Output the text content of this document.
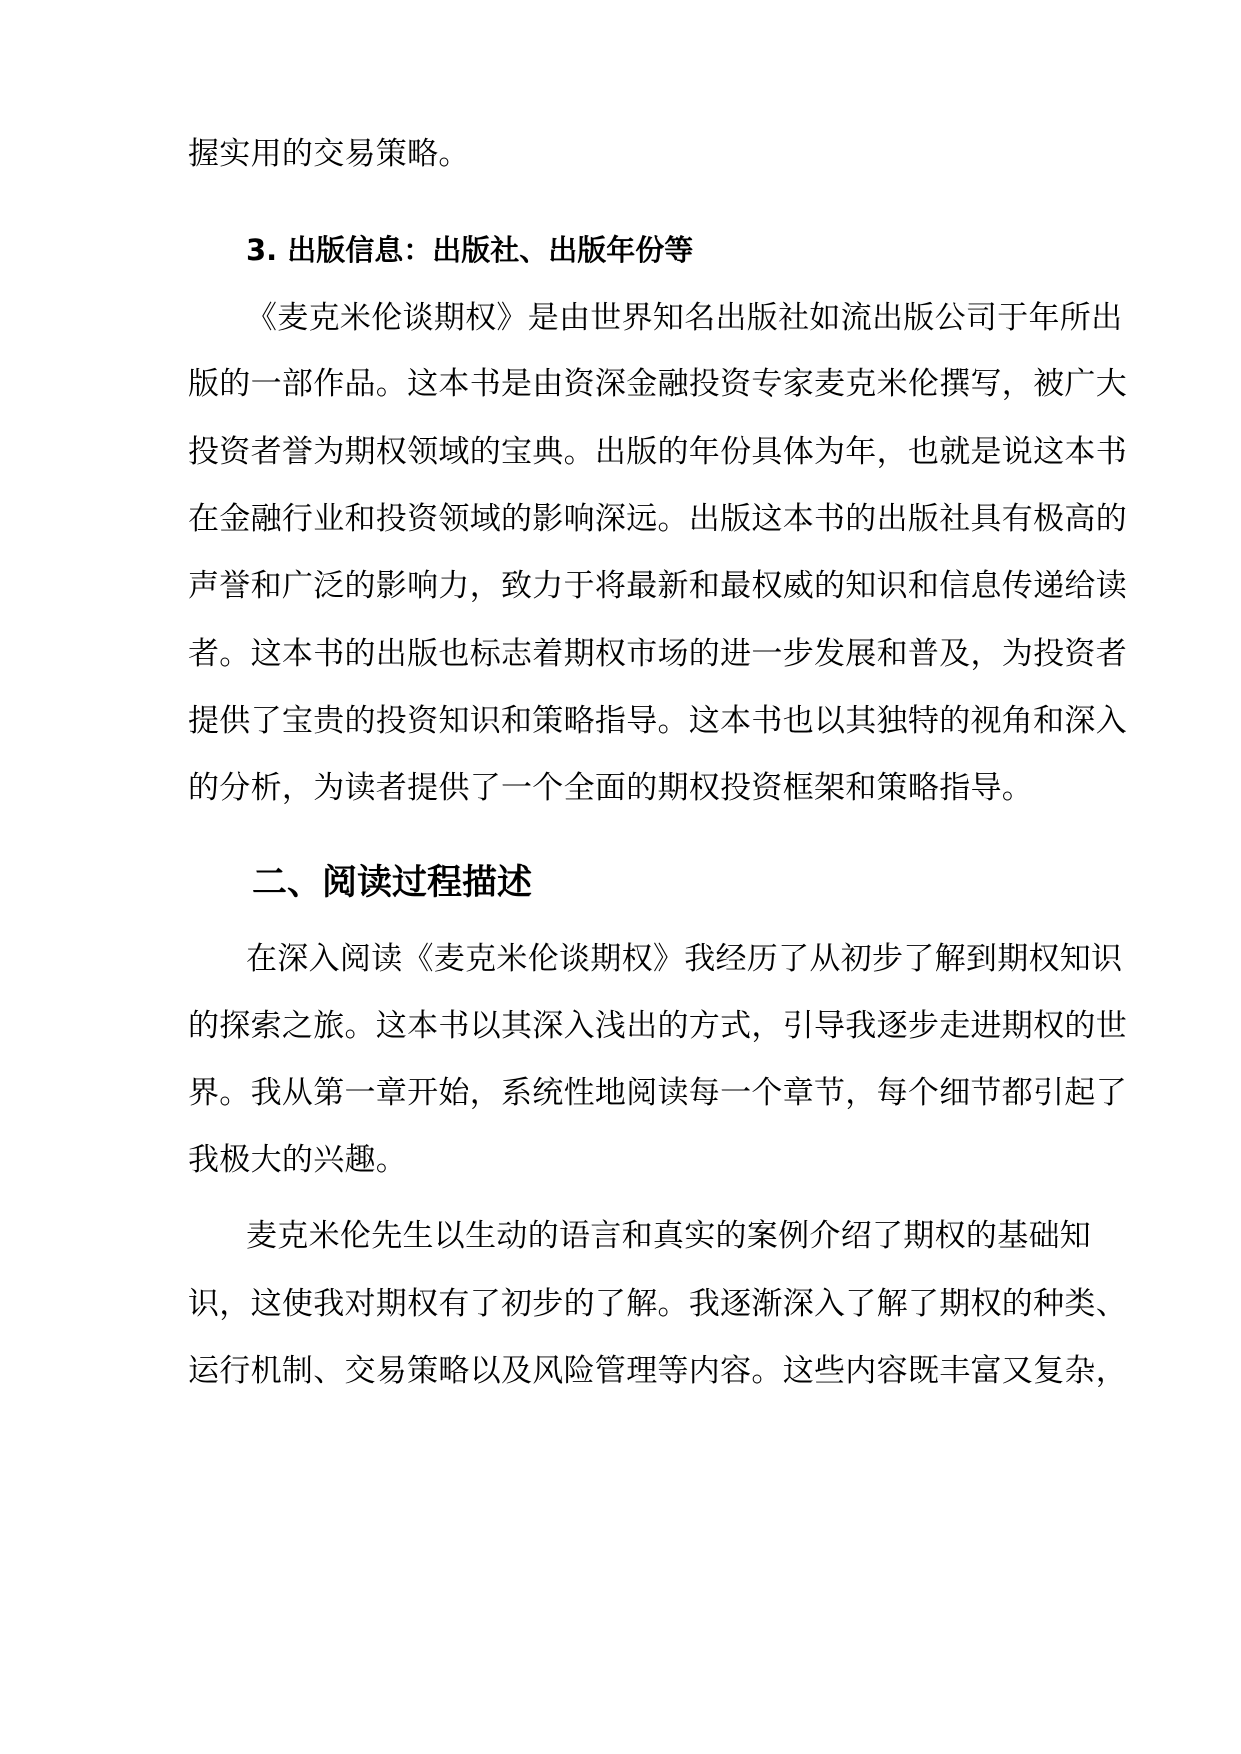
握实用的交易策略。
3. 出版信息：出版社、出版年份等
《麦克米伦谈期权》是由世界知名出版社如流出版公司于年所出
版的一部作品。这本书是由资深金融投资专家麦克米伦撰写，被广大
投资者誉为期权领域的宝典。出版的年份具体为年，也就是说这本书
在金融行业和投资领域的影响深远。出版这本书的出版社具有极高的
声誉和广泛的影响力，致力于将最新和最权威的知识和信息传递给读
者。这本书的出版也标志着期权市场的进一步发展和普及，为投资者
提供了宝贵的投资知识和策略指导。这本书也以其独特的视角和深入
的分析，为读者提供了一个全面的期权投资框架和策略指导。
二、阅读过程描述
在深入阅读《麦克米伦谈期权》我经历了从初步了解到期权知识
的探索之旅。这本书以其深入浅出的方式，引导我逐步走进期权的世
界。我从第一章开始，系统性地阅读每一个章节，每个细节都引起了
我极大的兴趣。
麦克米伦先生以生动的语言和真实的案例介绍了期权的基础知
识，这使我对期权有了初步的了解。我逐渐深入了解了期权的种类、
运行机制、交易策略以及风险管理等内容。这些内容既丰富又复杂，
